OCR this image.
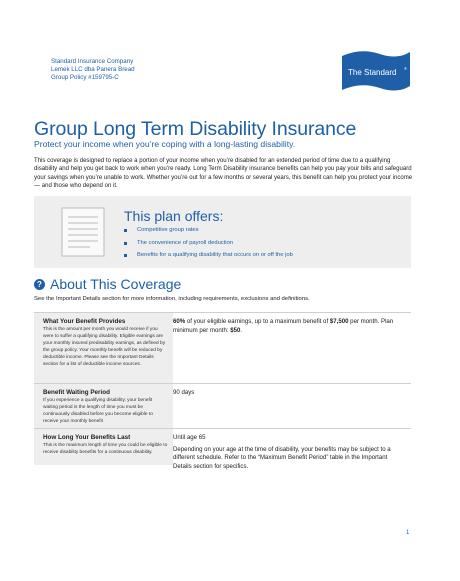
Standard Insurance Company
Lemek LLC dba Panera Bread
Group Policy #159795-C
The Standard ®
Group Long Term Disability Insurance
Protect your income when you’re coping with a long-lasting disability.
This coverage is designed to replace a portion of your income when you’re disabled for an extended period of time due to a qualifying disability and help you get back to work when you’re ready. Long Term Disability insurance benefits can help you pay your bills and safeguard your savings when you’re unable to work. Whether you’re out for a few months or several years, this benefit can help you protect your income — and those who depend on it.
This plan offers:
Competitive group rates
The convenience of payroll deduction
Benefits for a qualifying disability that occurs on or off the job
? About This Coverage
See the Important Details section for more information, including requirements, exclusions and definitions.
What Your Benefit Provides
This is the amount per month you would receive if you were to suffer a qualifying disability. Eligible earnings are your monthly insured predisability earnings, as defined by the group policy. Your monthly benefit will be reduced by deductible income. Please see the Important Details section for a list of deductible income sources.
60% of your eligible earnings, up to a maximum benefit of $7,500 per month. Plan minimum per month: $50.
Benefit Waiting Period
If you experience a qualifying disability, your benefit waiting period is the length of time you must be continuously disabled before you become eligible to receive your monthly benefit
90 days
How Long Your Benefits Last
This is the maximum length of time you could be eligible to receive disability benefits for a continuous disability.
Until age 65
Depending on your age at the time of disability, your benefits may be subject to a different schedule. Refer to the “Maximum Benefit Period” table in the Important Details section for specifics.
1
